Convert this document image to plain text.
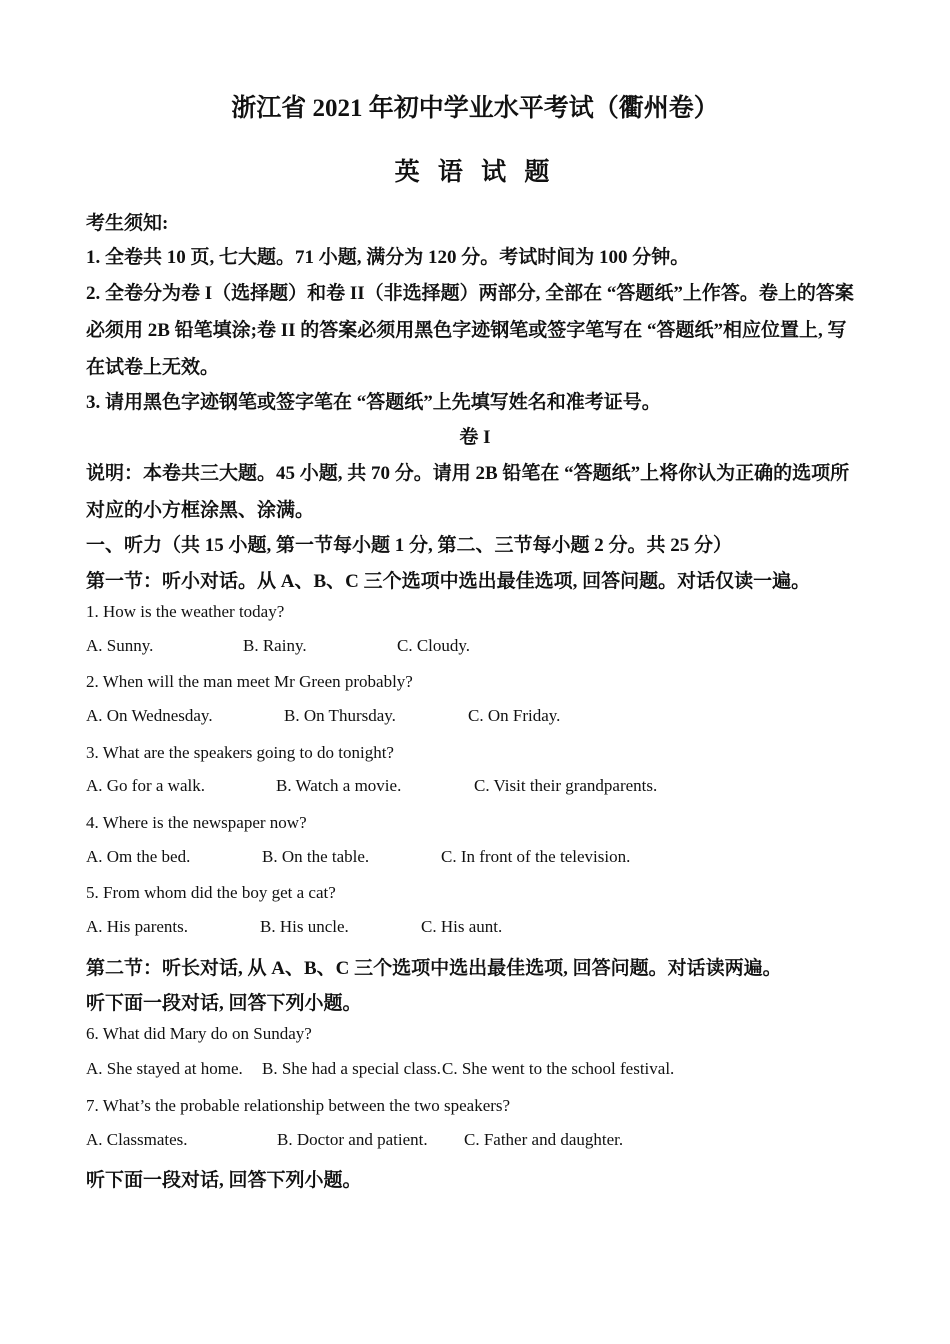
浙江省 2021 年初中学业水平考试（衢州卷）
英 语 试 题
考生须知:
1. 全卷共 10 页, 七大题。71 小题, 满分为 120 分。考试时间为 100 分钟。
2. 全卷分为卷 I（选择题）和卷 II（非选择题）两部分, 全部在 “答题纸”上作答。卷上的答案
必须用 2B 铅笔填涂;卷 II 的答案必须用黑色字迹钢笔或签字笔写在 “答题纸”相应位置上, 写
在试卷上无效。
3. 请用黑色字迹钢笔或签字笔在 “答题纸”上先填写姓名和准考证号。
卷 I
说明：本卷共三大题。45 小题, 共 70 分。请用 2B 铅笔在 “答题纸”上将你认为正确的选项所
对应的小方框涂黑、涂满。
一、听力（共 15 小题, 第一节每小题 1 分, 第二、三节每小题 2 分。共 25 分）
第一节：听小对话。从 A、B、C 三个选项中选出最佳选项, 回答问题。对话仅读一遍。
1. How is the weather today?
A. Sunny.	B. Rainy.	C. Cloudy.
2. When will the man meet Mr Green probably?
A. On Wednesday.	B. On Thursday.	C. On Friday.
3. What are the speakers going to do tonight?
A. Go for a walk.	B. Watch a movie.	C. Visit their grandparents.
4. Where is the newspaper now?
A. Om the bed.	B. On the table.	C. In front of the television.
5. From whom did the boy get a cat?
A. His parents.	B. His uncle.	C. His aunt.
第二节：听长对话, 从 A、B、C 三个选项中选出最佳选项, 回答问题。对话读两遍。
听下面一段对话, 回答下列小题。
6. What did Mary do on Sunday?
A. She stayed at home. B. She had a special class. C. She went to the school festival.
7. What’s the probable relationship between the two speakers?
A. Classmates.	B. Doctor and patient. C. Father and daughter.
听下面一段对话, 回答下列小题。
